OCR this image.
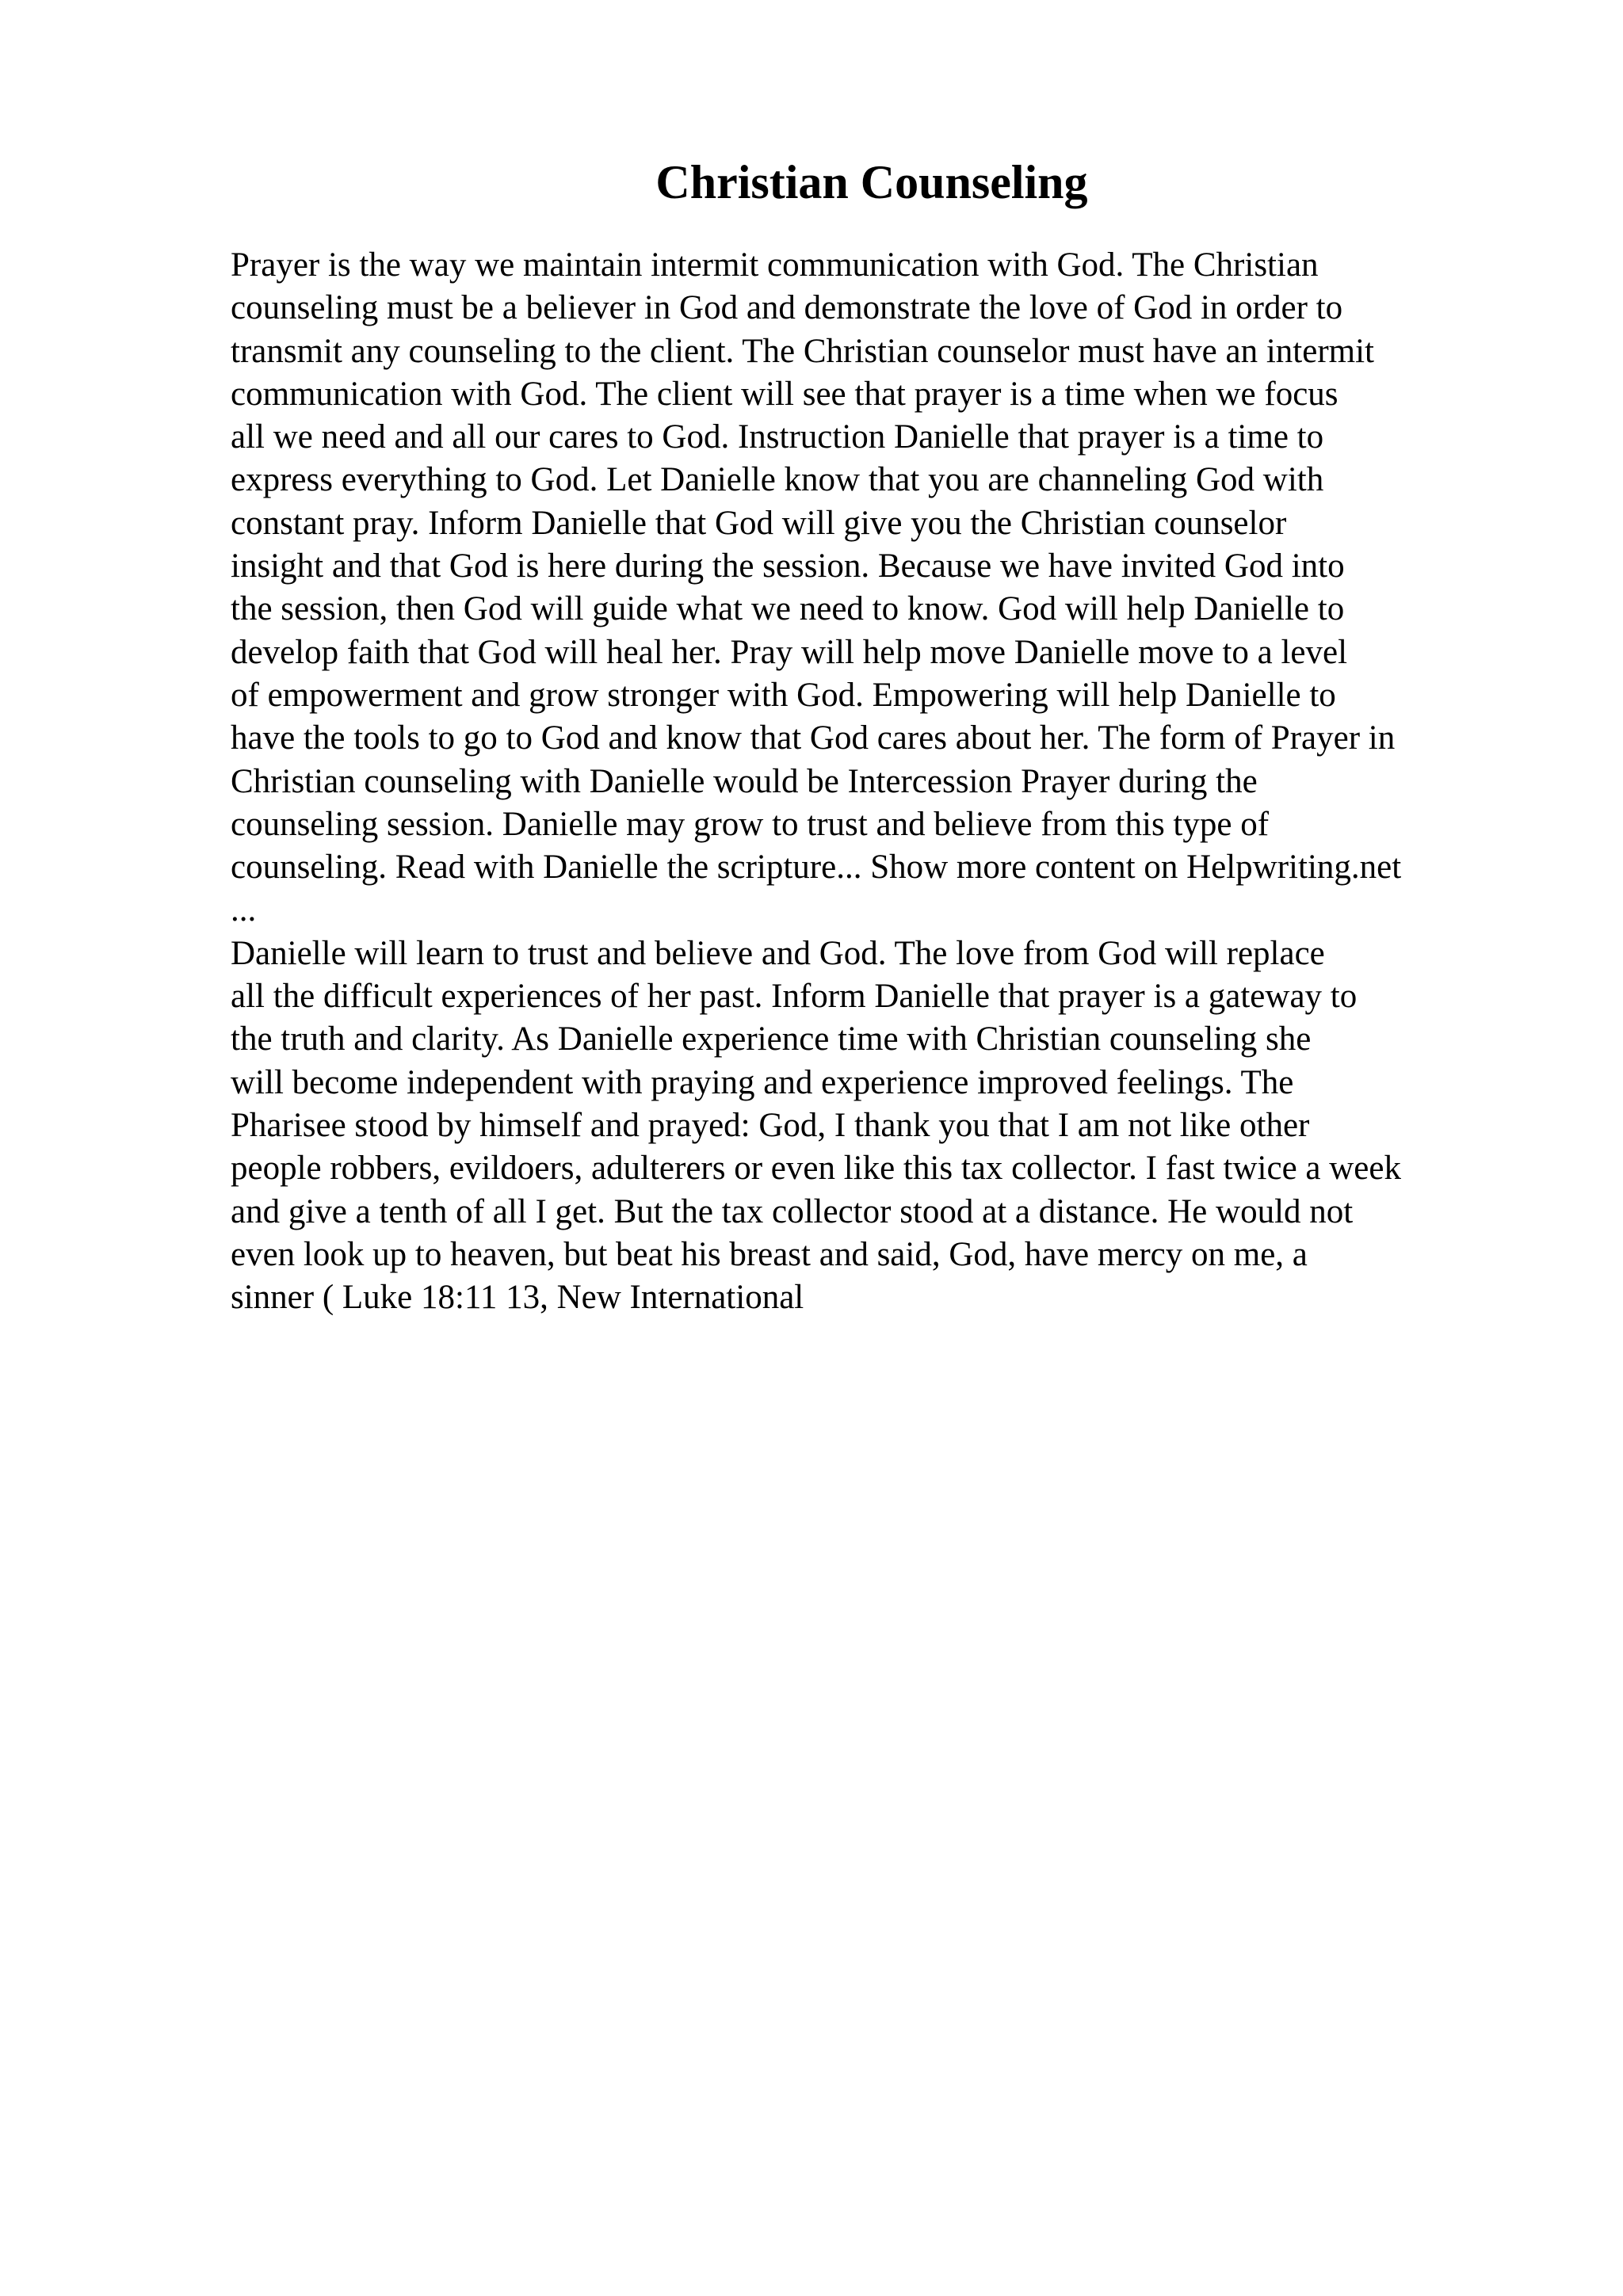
Christian Counseling
Prayer is the way we maintain intermit communication with God. The Christian
counseling must be a believer in God and demonstrate the love of God in order to
transmit any counseling to the client. The Christian counselor must have an intermit
communication with God. The client will see that prayer is a time when we focus
all we need and all our cares to God. Instruction Danielle that prayer is a time to
express everything to God. Let Danielle know that you are channeling God with
constant pray. Inform Danielle that God will give you the Christian counselor
insight and that God is here during the session. Because we have invited God into
the session, then God will guide what we need to know. God will help Danielle to
develop faith that God will heal her. Pray will help move Danielle move to a level
of empowerment and grow stronger with God. Empowering will help Danielle to
have the tools to go to God and know that God cares about her. The form of Prayer in
Christian counseling with Danielle would be Intercession Prayer during the
counseling session. Danielle may grow to trust and believe from this type of
counseling. Read with Danielle the scripture... Show more content on Helpwriting.net
...
Danielle will learn to trust and believe and God. The love from God will replace
all the difficult experiences of her past. Inform Danielle that prayer is a gateway to
the truth and clarity. As Danielle experience time with Christian counseling she
will become independent with praying and experience improved feelings. The
Pharisee stood by himself and prayed: God, I thank you that I am not like other
people robbers, evildoers, adulterers or even like this tax collector. I fast twice a week
and give a tenth of all I get. But the tax collector stood at a distance. He would not
even look up to heaven, but beat his breast and said, God, have mercy on me, a
sinner ( Luke 18:11 13, New International
